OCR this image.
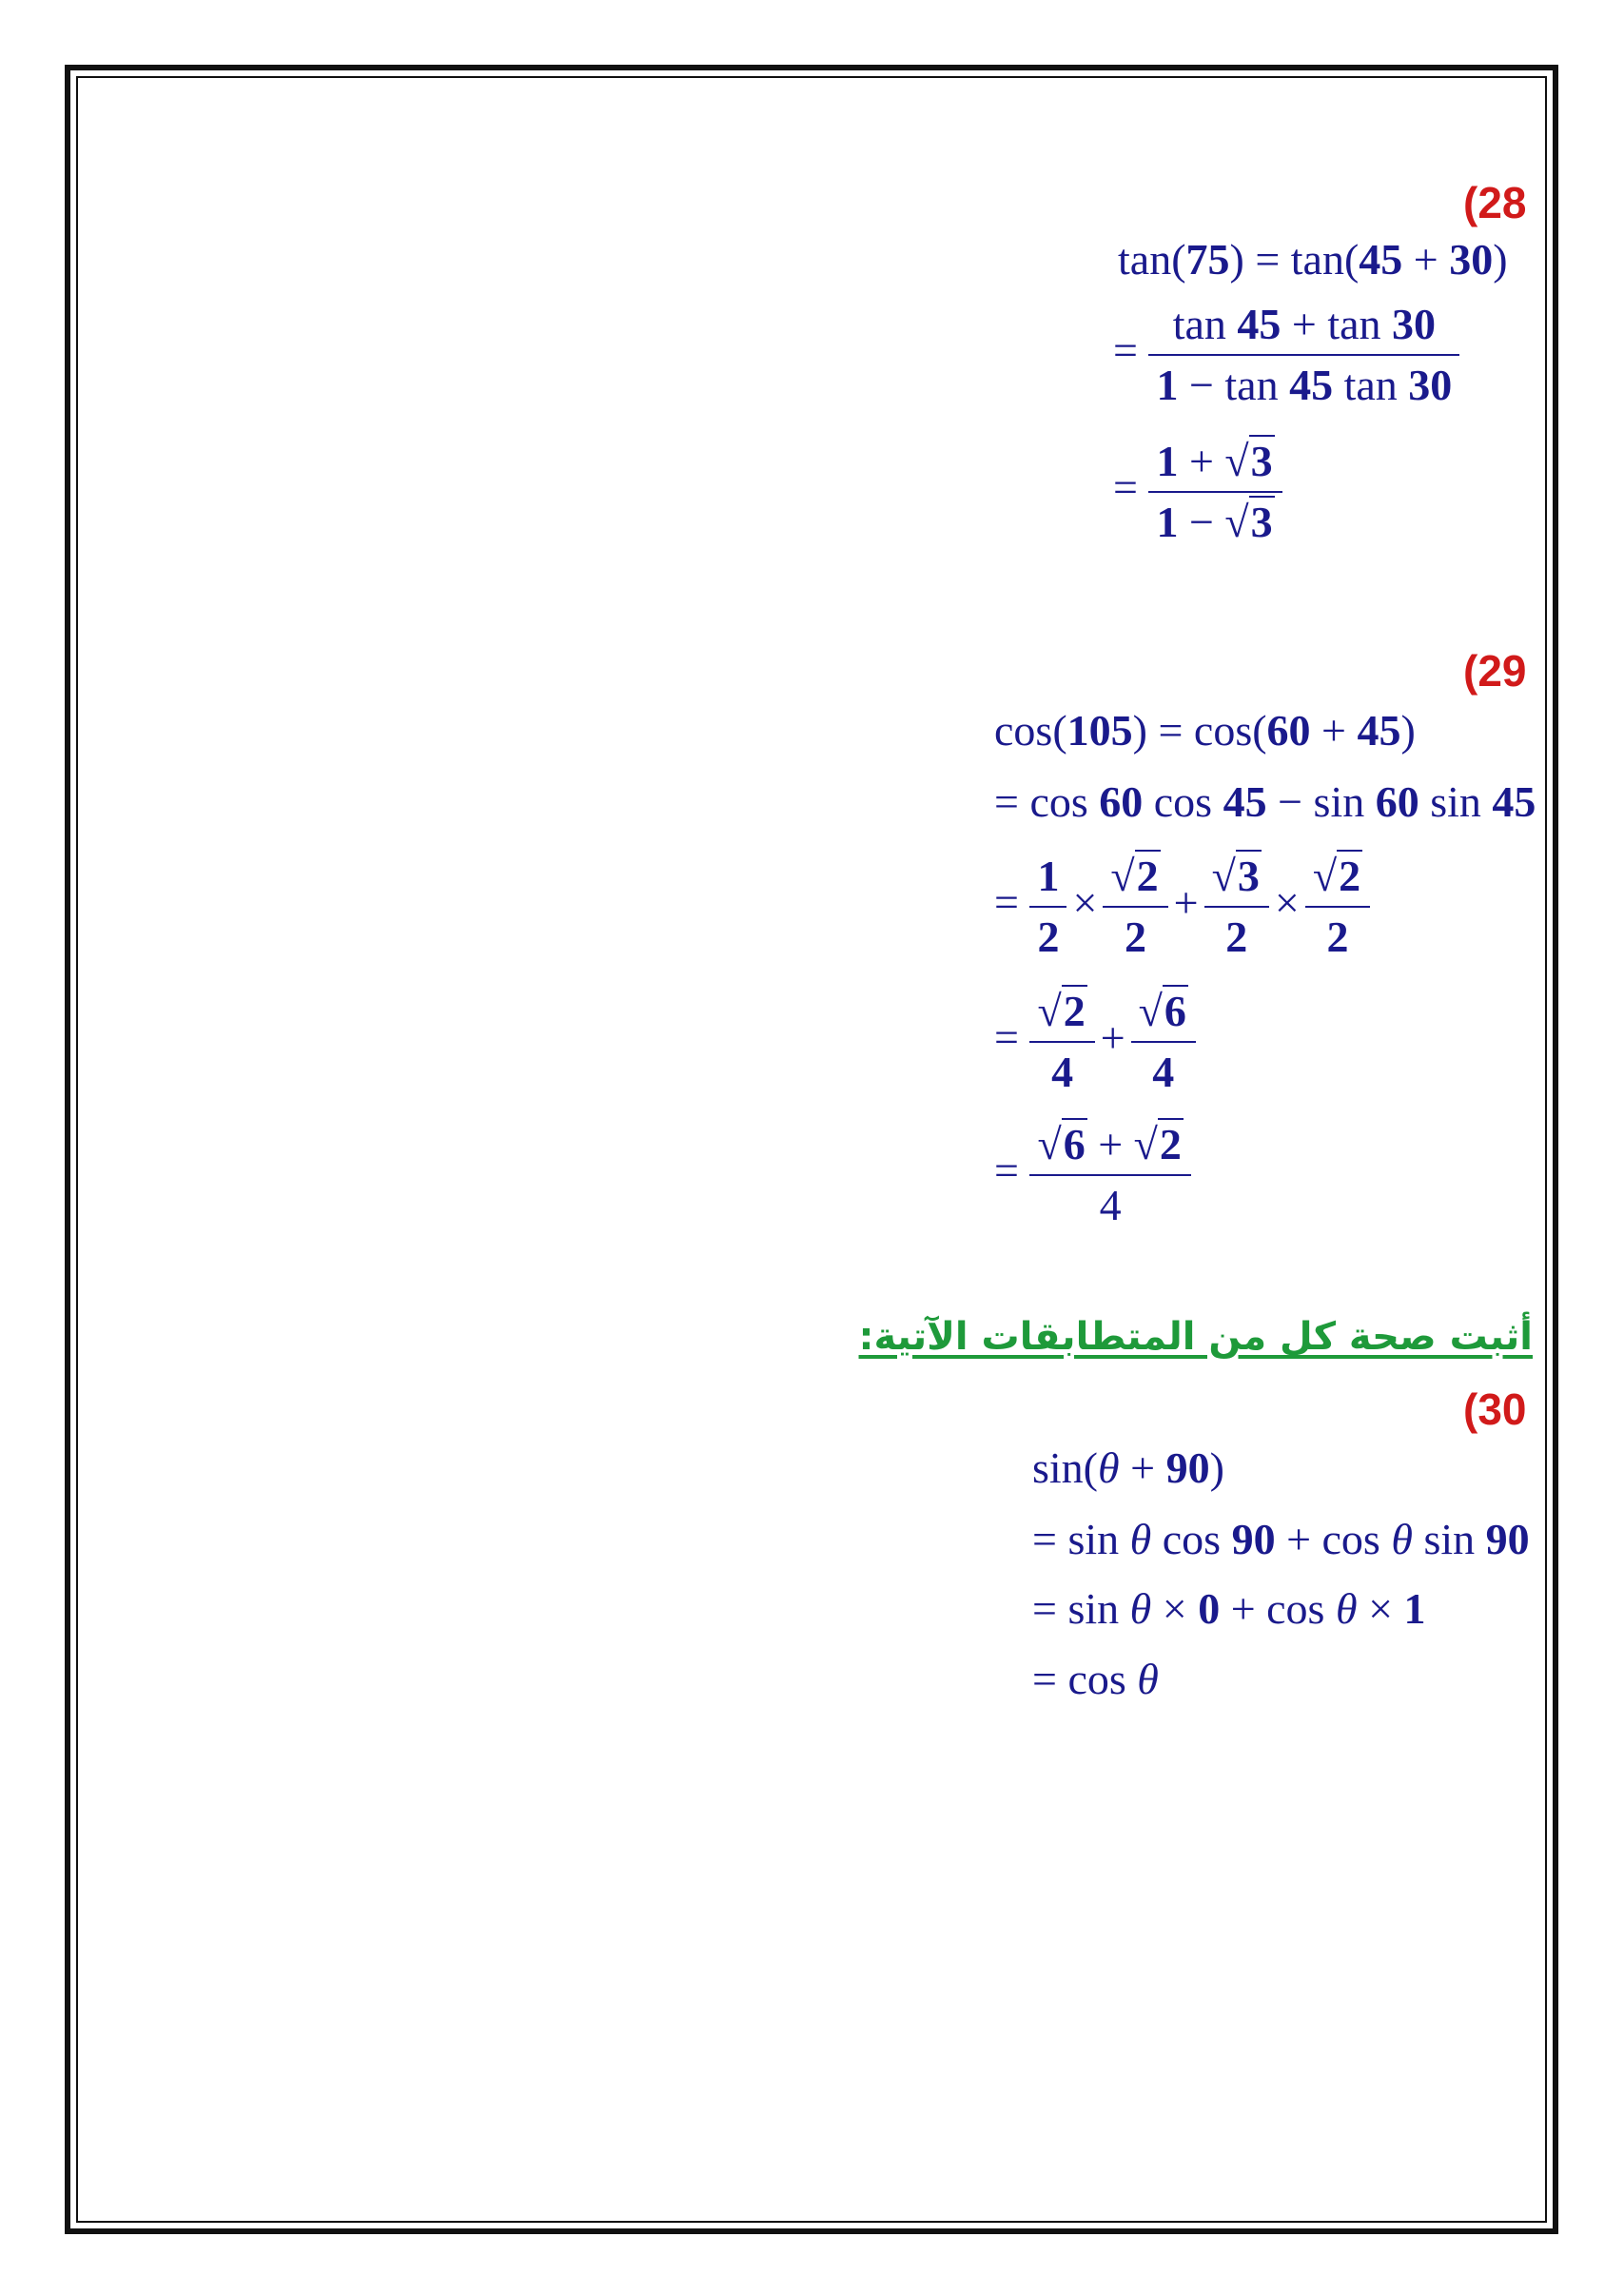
(28
tan(75) = tan(45 + 30)
= $\frac{\tan 45 + \tan 30}{1 - \tan 45 \tan 30}$
= $\frac{1 + √3}{1 - √3}$
(29
cos(105) = cos(60 + 45)
= cos 60 cos 45 − sin 60 sin 45
= $\frac{1}{2} \times \frac{√2}{2} + \frac{√3}{2} \times \frac{√2}{2}$
= $\frac{√2}{4} + \frac{√6}{4}$
= $\frac{√6 + √2}{4}$
أثبت صحة كل من المتطابقات الآتية:
(30
sin(θ + 90)
= sin θ cos 90 + cos θ sin 90
= sin θ × 0 + cos θ × 1
= cos θ
